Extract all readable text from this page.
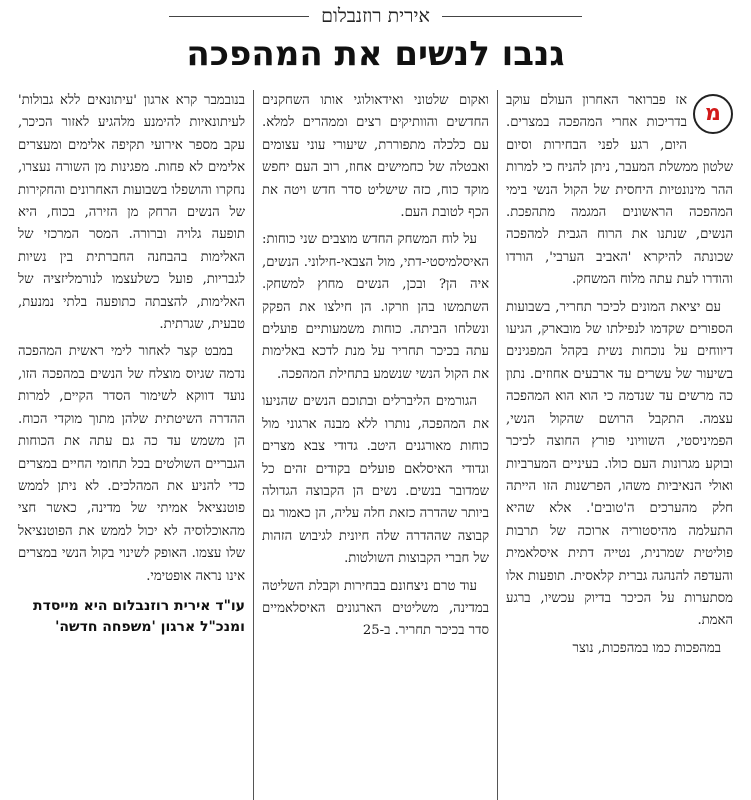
אירית רוזנבלום
גנבו לנשים את המהפכה
מ

אז פברואר האחרון העולם עוקב בדריכות אחרי המהפכה במצרים. היום, רגע לפני הבחירות וסיום שלטון ממשלת המעבר, ניתן להניח כי למרות ההר מינונטיות היחסית של הקול הנשי בימי המהפכה הראשונים המגמה מתהפכת. הנשים, שנתנו את הרוח הגבית למהפכה שכונתה להיקרא 'האביב הערבי', הורדו והודרו לעת עתה מלוח המשחק.

עם יציאת המונים לכיכר תחריר, בשבועות הספורים שקדמו לנפילתו של מובארק, הגיעו דיווחים על נוכחות נשית בקהל המפגינים בשיעור של עשרים עד ארבעים אחוזים. נתון כה מרשים עד שנדמה כי הוא הוא המהפכה עצמה. התקבל הרושם שהקול הנשי, הפמיניסטי, השוויוני פורץ החוצה לכיכר ובוקע מגרונות העם כולו. בעיניים המערביות ואולי הנאיביות משהו, הפרשנות הזו הייתה חלק מהערכים ה'טובים'. אלא שהיא התעלמה מהיסטוריה ארוכה של תרבות פוליטית שמרנית, נטייה דתית איסלאמית והעדפה להנהגה גברית קלאסית. תופעות אלו מסתערות על הכיכר בדיוק עכשיו, ברגע האמת.

במהפכות כמו במהפכות, נוצר

ואקום שלטוני ואידאולוגי אותו השחקנים החדשים והוותיקים רצים וממהרים למלא. עם כלכלה מתפוררת, שיעורי עוני עצומים ואבטלה של כחמישים אחוז, רוב העם יחפש מוקד כוח, כזה שישליט סדר חדש ויטה את הכף לטובת העם.

על לוח המשחק החדש מוצבים שני כוחות: האיסלמיסטי-דתי, מול הצבאי-חילוני. הנשים, איה הן? ובכן, הנשים מחוץ למשחק. השתמשו בהן וזרקו. הן חילצו את הפקק ונשלחו הביתה. כוחות משמעותיים פועלים עתה בכיכר תחריר על מנת לדכא באלימות את הקול הנשי שנשמע בתחילת המהפכה.

הגורמים הליברלים ובתוכם הנשים שהניעו את המהפכה, נותרו ללא מבנה ארגוני מול כוחות מאורגנים היטב. גדודי צבא מצרים וגדודי האיסלאם פועלים בקודים זהים כל שמדובר בנשים. נשים הן הקבוצה הגדולה ביותר שהדרה כזאת חלה עליה, הן כאמור גם קבוצה שההדרה שלה חיונית לגיבוש הזהות של חברי הקבוצות השולטות.

עוד טרם ניצחונם בבחירות וקבלת השליטה במדינה, משליטים הארגונים האיסלאמיים סדר בכיכר תחריר. ב-25

בנובמבר קרא ארגון 'עיתונאים ללא גבולות' לעיתונאיות להימנע מלהגיע לאזור הכיכר, עקב מספר אירועי תקיפה אלימים ומעצרים אלימים לא פחות. מפגינות מן השורה נעצרו, נחקרו והושפלו בשבועות האחרונים והחקירות של הנשים הרחק מן הזירה, בכוח, היא תופעה גלויה וברורה. המסר המרכזי של האלימות בהבחנה החברתית בין נשיות לגבריות, פועל כשלעצמו לנורמליזציה של האלימות, להצבתה כתופעה בלתי נמנעת, טבעית, שגרתית.

במבט קצר לאחור לימי ראשית המהפכה נדמה שגיוס מוצלח של הנשים במהפכה הזו, נועד דווקא לשימור הסדר הקיים, למרות ההדרה השיטתית שלהן מתוך מוקדי הכוח. הן משמש עד כה גם עתה את הכוחות הגבריים השולטים בכל תחומי החיים במצרים כדי להניע את המהלכים. לא ניתן לממש פוטנציאל אמיתי של מדינה, כאשר חצי מהאוכלוסיה לא יכול לממש את הפוטנציאל שלו עצמו. האופק לשינוי בקול הנשי במצרים אינו נראה אופטימי.

עו"ד אירית רוזנבלום היא מייסדת ומנכ"ל ארגון 'משפחה חדשה'
